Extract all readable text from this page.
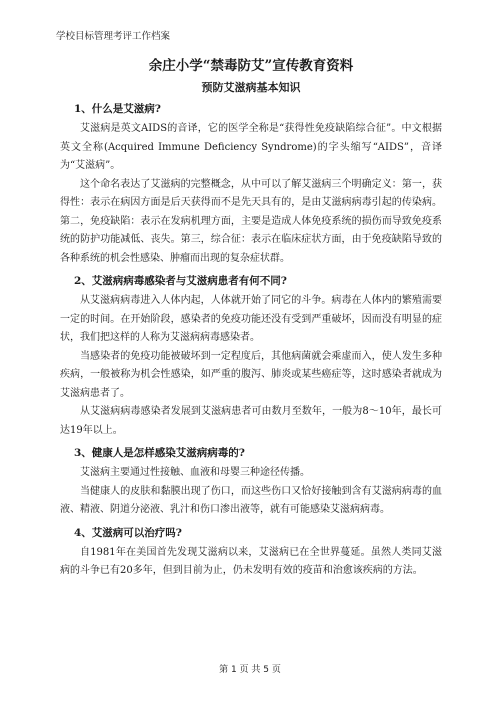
学校目标管理考评工作档案
余庄小学“禁毒防艾”宣传教育资料
预防艾滋病基本知识
1、什么是艾滋病?

艾滋病是英文AIDS的音译，它的医学全称是“获得性免疫缺陷综合征”。中文根据英文全称(Acquired Immune Deficiency Syndrome)的字头缩写“AIDS”，音译为“艾滋病”。

这个命名表达了艾滋病的完整概念，从中可以了解艾滋病三个明确定义：第一，获得性：表示在病因方面是后天获得而不是先天具有的，是由艾滋病病毒引起的传染病。第二，免疫缺陷：表示在发病机理方面，主要是造成人体免疫系统的损伤而导致免疫系统的防护功能减低、丧失。第三，综合征：表示在临床症状方面，由于免疫缺陷导致的各种系统的机会性感染、肿瘤而出现的复杂症状群。

2、艾滋病病毒感染者与艾滋病患者有何不同?

从艾滋病病毒进入人体内起，人体就开始了同它的斗争。病毒在人体内的繁殖需要一定的时间。在开始阶段，感染者的免疫功能还没有受到严重破坏，因而没有明显的症状，我们把这样的人称为艾滋病病毒感染者。

当感染者的免疫功能被破坏到一定程度后，其他病菌就会乘虚而入，使人发生多种疾病，一般被称为机会性感染，如严重的腹泻、肺炎或某些癌症等，这时感染者就成为艾滋病患者了。

从艾滋病病毒感染者发展到艾滋病患者可由数月至数年，一般为8～10年，最长可达19年以上。

3、健康人是怎样感染艾滋病病毒的?

艾滋病主要通过性接触、血液和母婴三种途径传播。

当健康人的皮肤和黏膜出现了伤口，而这些伤口又恰好接触到含有艾滋病病毒的血液、精液、阴道分泌液、乳汁和伤口渗出液等，就有可能感染艾滋病病毒。

4、艾滋病可以治疗吗?

自1981年在美国首先发现艾滋病以来，艾滋病已在全世界蔓延。虽然人类同艾滋病的斗争已有20多年，但到目前为止，仍未发明有效的疫苗和治愈该疾病的方法。

第 1 页 共 5 页
